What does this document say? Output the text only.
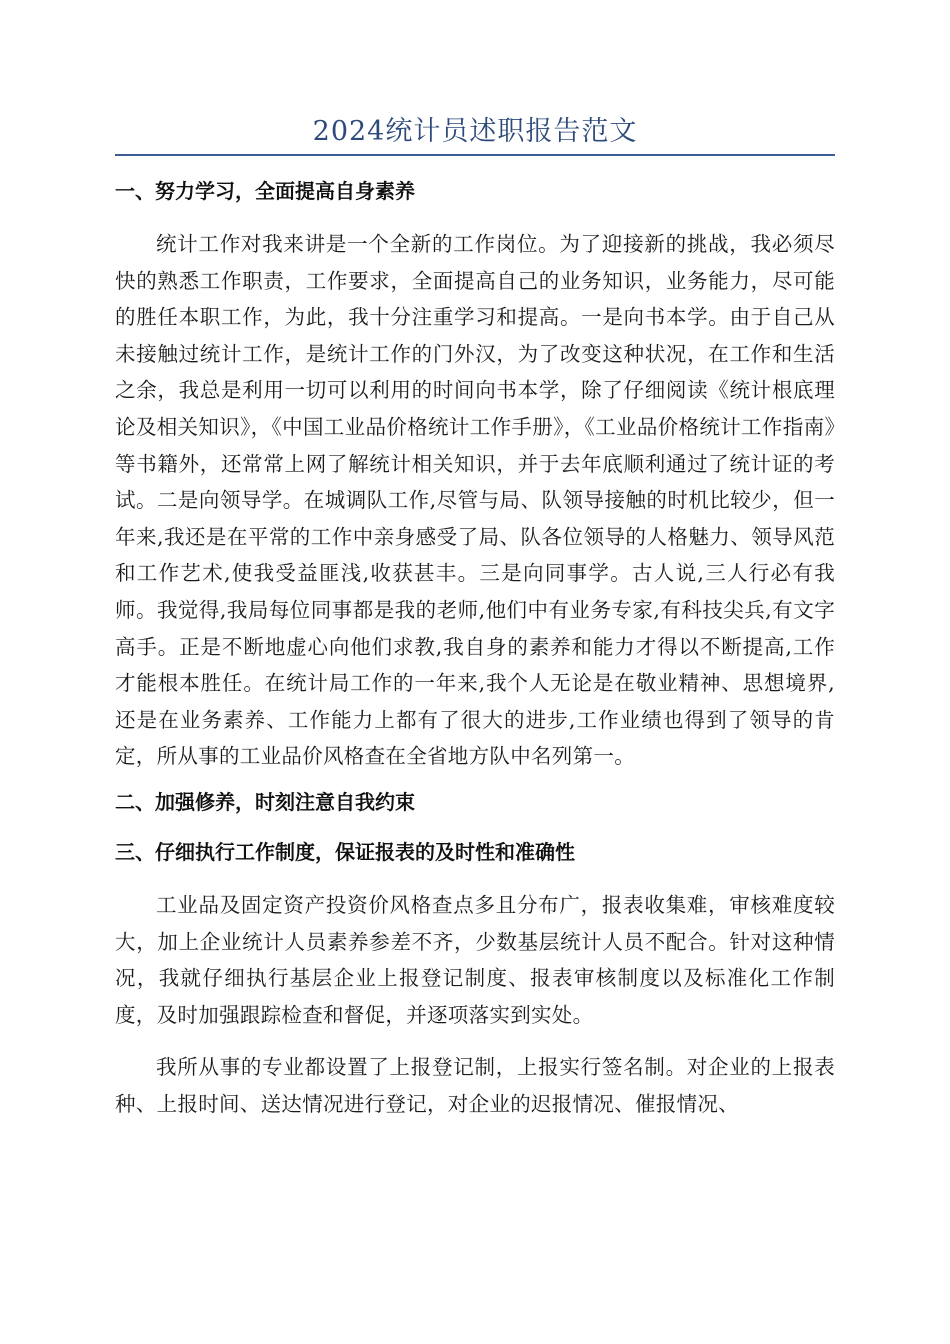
2024统计员述职报告范文
一、努力学习，全面提高自身素养

统计工作对我来讲是一个全新的工作岗位。为了迎接新的挑战，我必须尽快的熟悉工作职责，工作要求，全面提高自己的业务知识，业务能力，尽可能的胜任本职工作，为此，我十分注重学习和提高。一是向书本学。由于自己从未接触过统计工作，是统计工作的门外汉，为了改变这种状况，在工作和生活之余，我总是利用一切可以利用的时间向书本学，除了仔细阅读《统计根底理论及相关知识》，《中国工业品价格统计工作手册》，《工业品价格统计工作指南》等书籍外，还常常上网了解统计相关知识，并于去年底顺利通过了统计证的考试。二是向领导学。在城调队工作,尽管与局、队领导接触的时机比较少，但一年来,我还是在平常的工作中亲身感受了局、队各位领导的人格魅力、领导风范和工作艺术,使我受益匪浅,收获甚丰。三是向同事学。古人说,三人行必有我师。我觉得,我局每位同事都是我的老师,他们中有业务专家,有科技尖兵,有文字高手。正是不断地虚心向他们求教,我自身的素养和能力才得以不断提高,工作才能根本胜任。在统计局工作的一年来,我个人无论是在敬业精神、思想境界,还是在业务素养、工作能力上都有了很大的进步,工作业绩也得到了领导的肯定，所从事的工业品价风格查在全省地方队中名列第一。

二、加强修养，时刻注意自我约束
三、仔细执行工作制度，保证报表的及时性和准确性

工业品及固定资产投资价风格查点多且分布广，报表收集难，审核难度较大，加上企业统计人员素养参差不齐，少数基层统计人员不配合。针对这种情况，我就仔细执行基层企业上报登记制度、报表审核制度以及标准化工作制度，及时加强跟踪检查和督促，并逐项落实到实处。

我所从事的专业都设置了上报登记制，上报实行签名制。对企业的上报表种、上报时间、送达情况进行登记，对企业的迟报情况、催报情况、
